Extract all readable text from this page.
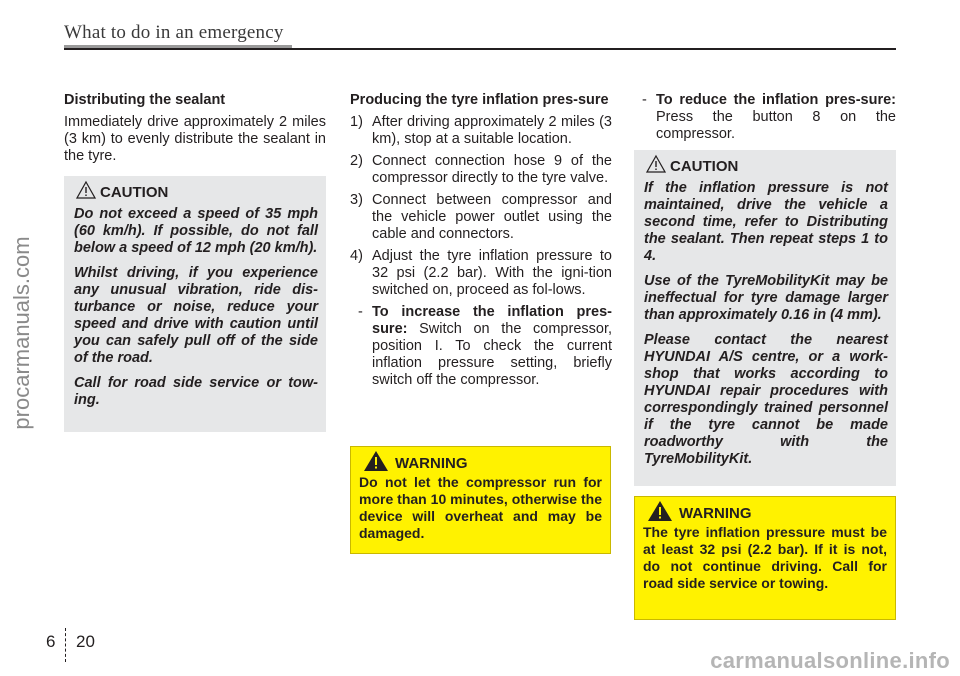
What to do in an emergency
procarmanuals.com
Distributing the sealant

Immediately drive approximately 2 miles (3 km) to evenly distribute the sealant in the tyre.

CAUTION

Do not exceed a speed of 35 mph (60 km/h). If possible, do not fall below a speed of 12 mph (20 km/h).

Whilst driving, if you experience any unusual vibration, ride dis-turbance or noise, reduce your speed and drive with caution until you can safely pull off of the side of the road.

Call for road side service or tow-ing.

Producing the tyre inflation pres-sure
1) After driving approximately 2 miles (3 km), stop at a suitable location.
2) Connect connection hose 9 of the compressor directly to the tyre valve.
3) Connect between compressor and the vehicle power outlet using the cable and connectors.
4) Adjust the tyre inflation pressure to 32 psi (2.2 bar). With the igni-tion switched on, proceed as fol-lows.
- To increase the inflation pres-sure: Switch on the compressor, position I. To check the current inflation pressure setting, briefly switch off the compressor.
WARNING

Do not let the compressor run for more than 10 minutes, otherwise the device will overheat and may be damaged.

- To reduce the inflation pres-sure: Press the button 8 on the compressor.
CAUTION

If the inflation pressure is not maintained, drive the vehicle a second time, refer to Distributing the sealant. Then repeat steps 1 to 4.

Use of the TyreMobilityKit may be ineffectual for tyre damage larger than approximately 0.16 in (4 mm).

Please contact the nearest HYUNDAI A/S centre, or a work-shop that works according to HYUNDAI repair procedures with correspondingly trained personnel if the tyre cannot be made roadworthy with the TyreMobilityKit.

WARNING

The tyre inflation pressure must be at least 32 psi (2.2 bar). If it is not, do not continue driving. Call for road side service or towing.

6 20
carmanualsonline.info
